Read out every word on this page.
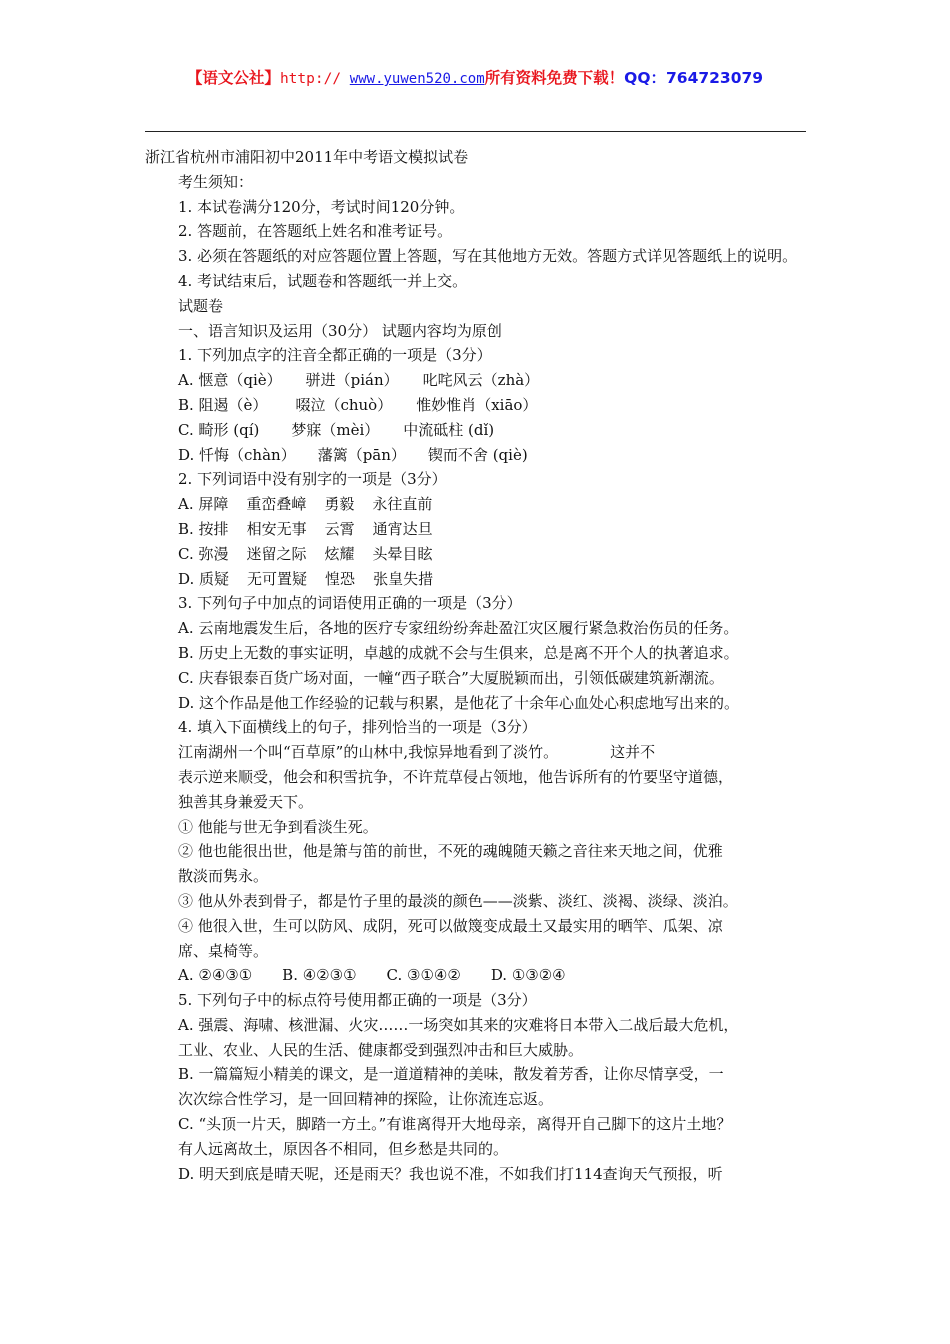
【语文公社】http:// www.yuwen520.com所有资料免费下载！QQ：764723079
浙江省杭州市浦阳初中2011年中考语文模拟试卷
考生须知：
1. 本试卷满分120分，考试时间120分钟。
2. 答题前，在答题纸上姓名和准考证号。
3. 必须在答题纸的对应答题位置上答题，写在其他地方无效。答题方式详见答题纸上的说明。
4. 考试结束后，试题卷和答题纸一并上交。
试题卷
一、语言知识及运用（30分） 试题内容均为原创
1. 下列加点字的注音全都正确的一项是（3分）
A. 惬意（qiè） 骈进（pián） 叱咤风云（zhà）
B. 阻遏（è） 啜泣（chuò） 惟妙惟肖（xiāo）
C. 畸形 (qí) 梦寐（mèi） 中流砥柱 (dǐ)
D. 忏悔（chàn） 藩篱（pān） 锲而不舍 (qiè)
2. 下列词语中没有别字的一项是（3分）
A. 屏障 重峦叠嶂 勇毅 永往直前
B. 按排 相安无事 云霄 通宵达旦
C. 弥漫 迷留之际 炫耀 头晕目眩
D. 质疑 无可置疑 惶恐 张皇失措
3. 下列句子中加点的词语使用正确的一项是（3分）
A. 云南地震发生后，各地的医疗专家纽纷纷奔赴盈江灾区履行紧急救治伤员的任务。
B. 历史上无数的事实证明，卓越的成就不会与生俱来，总是离不开个人的执著追求。
C. 庆春银泰百货广场对面，一幢“西子联合”大厦脱颖而出，引领低碳建筑新潮流。
D. 这个作品是他工作经验的记载与积累，是他花了十余年心血处心积虑地写出来的。
4. 填入下面横线上的句子，排列恰当的一项是（3分）
江南湖州一个叫“百草原”的山林中,我惊异地看到了淡竹。	这并不
表示逆来顺受，他会和积雪抗争，不许荒草侵占领地，他告诉所有的竹要坚守道德，
独善其身兼爱天下。
① 他能与世无争到看淡生死。
② 他也能很出世，他是箫与笛的前世，不死的魂魄随天籁之音往来天地之间，优雅
散淡而隽永。
③ 他从外表到骨子，都是竹子里的最淡的颜色——淡紫、淡红、淡褐、淡绿、淡泊。
④ 他很入世，生可以防风、成阴，死可以做篾变成最土又最实用的晒竿、瓜架、凉
席、桌椅等。
A. ②④③① B. ④②③① C. ③①④② D. ①③②④
5. 下列句子中的标点符号使用都正确的一项是（3分）
A. 强震、海啸、核泄漏、火灾……一场突如其来的灾难将日本带入二战后最大危机，
工业、农业、人民的生活、健康都受到强烈冲击和巨大威胁。
B. 一篇篇短小精美的课文，是一道道精神的美味，散发着芳香，让你尽情享受，一
次次综合性学习，是一回回精神的探险，让你流连忘返。
C. “头顶一片天，脚踏一方土。”有谁离得开大地母亲，离得开自己脚下的这片土地？
有人远离故土，原因各不相同，但乡愁是共同的。
D. 明天到底是晴天呢，还是雨天？我也说不准，不如我们打114查询天气预报，听
